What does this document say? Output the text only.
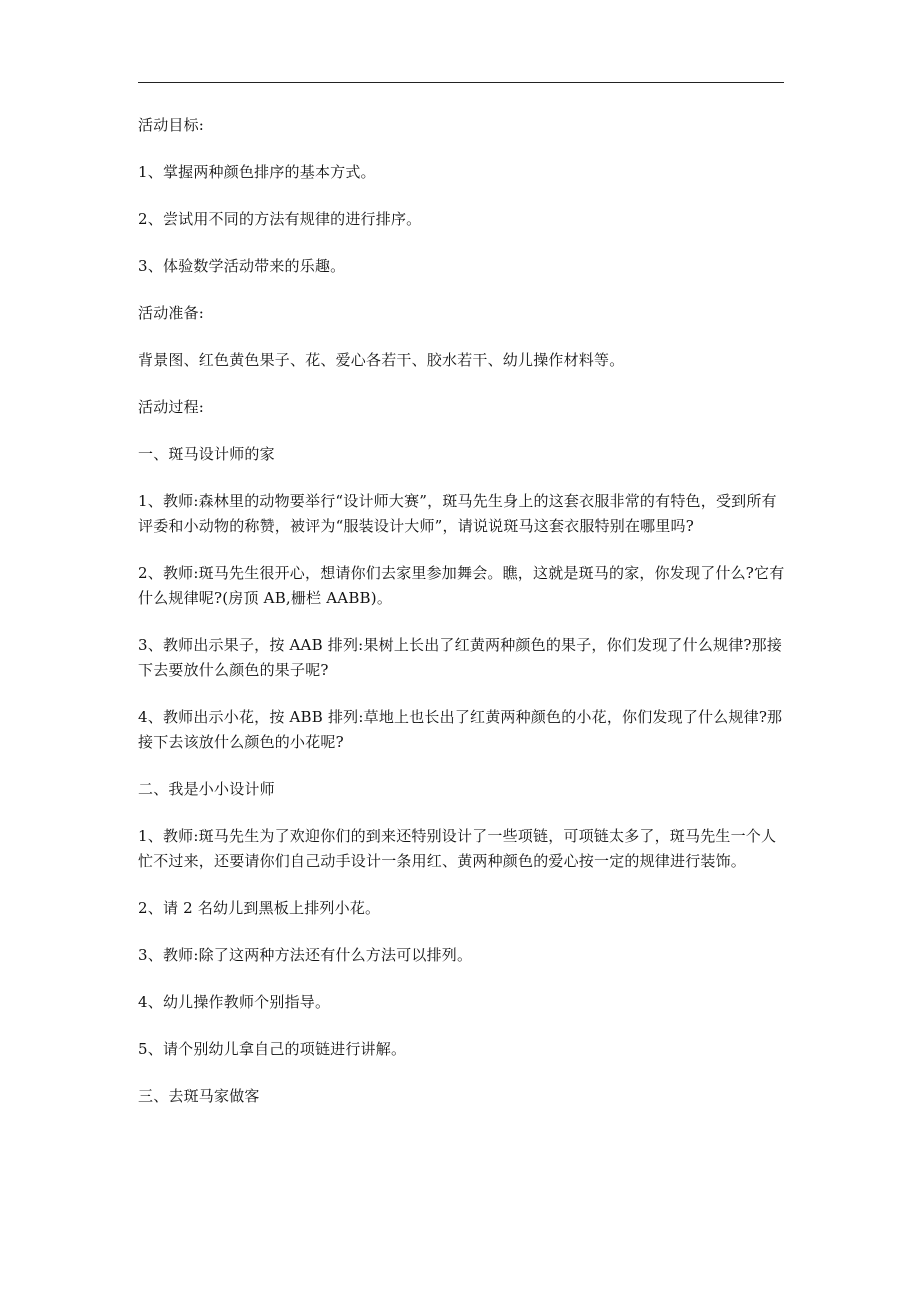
活动目标:

1、掌握两种颜色排序的基本方式。

2、尝试用不同的方法有规律的进行排序。

3、体验数学活动带来的乐趣。

活动准备:

背景图、红色黄色果子、花、爱心各若干、胶水若干、幼儿操作材料等。

活动过程:

一、斑马设计师的家

1、教师:森林里的动物要举行“设计师大赛”，斑马先生身上的这套衣服非常的有特色，受到所有评委和小动物的称赞，被评为“服装设计大师”，请说说斑马这套衣服特别在哪里吗?

2、教师:斑马先生很开心，想请你们去家里参加舞会。瞧，这就是斑马的家，你发现了什么?它有什么规律呢?(房顶 AB,栅栏 AABB)。

3、教师出示果子，按 AAB 排列:果树上长出了红黄两种颜色的果子，你们发现了什么规律?那接下去要放什么颜色的果子呢?

4、教师出示小花，按 ABB 排列:草地上也长出了红黄两种颜色的小花，你们发现了什么规律?那接下去该放什么颜色的小花呢?

二、我是小小设计师

1、教师:斑马先生为了欢迎你们的到来还特别设计了一些项链，可项链太多了，斑马先生一个人忙不过来，还要请你们自己动手设计一条用红、黄两种颜色的爱心按一定的规律进行装饰。

2、请 2 名幼儿到黑板上排列小花。

3、教师:除了这两种方法还有什么方法可以排列。

4、幼儿操作教师个别指导。

5、请个别幼儿拿自己的项链进行讲解。

三、去斑马家做客
